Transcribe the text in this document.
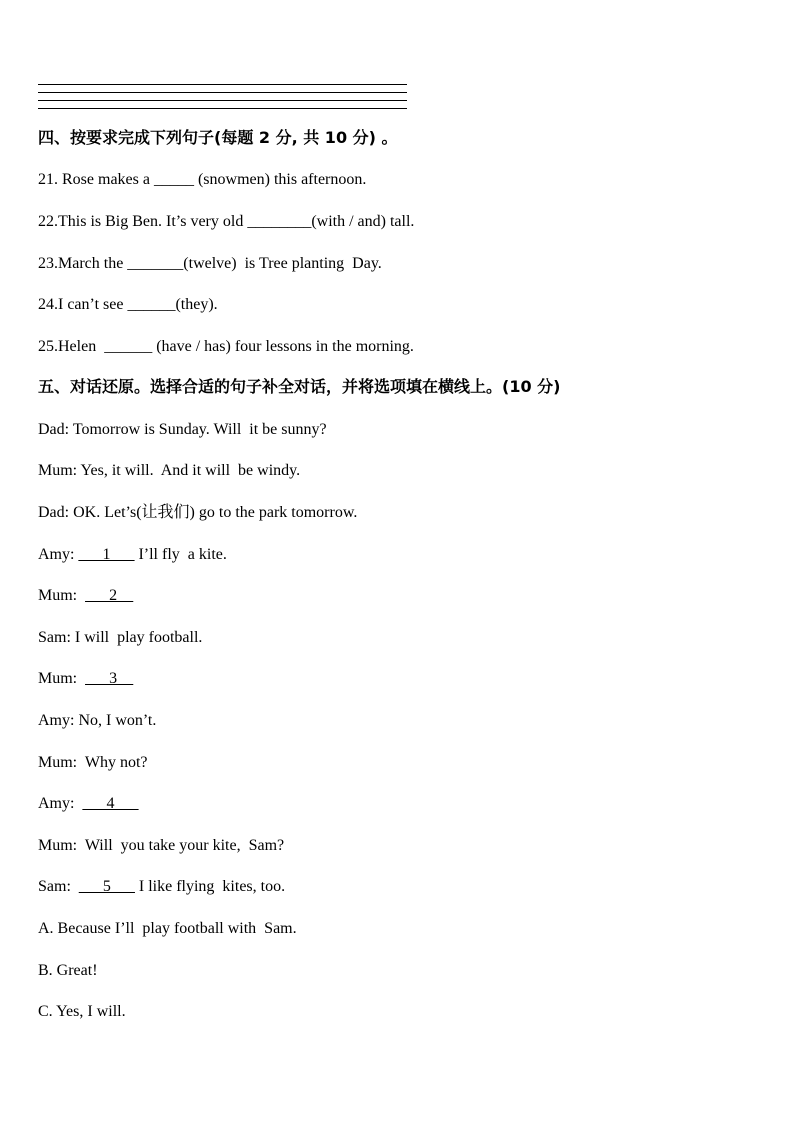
四、按要求完成下列句子(每题 2 分, 共 10 分) 。
21. Rose makes a _____ (snowmen) this afternoon.
22.This is Big Ben. It’s very old ________(with / and) tall.
23.March the _______(twelve)  is Tree planting  Day.
24.I can’t see ______(they).
25.Helen  ______ (have / has) four lessons in the morning.
五、对话还原。选择合适的句子补全对话，并将选项填在横线上。(10 分)
Dad: Tomorrow is Sunday. Will  it be sunny?
Mum: Yes, it will.  And it will  be windy.
Dad: OK. Let’s(让我们) go to the park tomorrow.
Amy: ___1___ I’ll fly  a kite.
Mum: ___2__
Sam: I will  play football.
Mum: ___3__
Amy: No, I won’t.
Mum:  Why not?
Amy: ___4___
Mum:  Will  you take your kite,  Sam?
Sam: ___5___ I like flying  kites, too.
A. Because I’ll  play football with  Sam.
B. Great!
C. Yes, I will.
